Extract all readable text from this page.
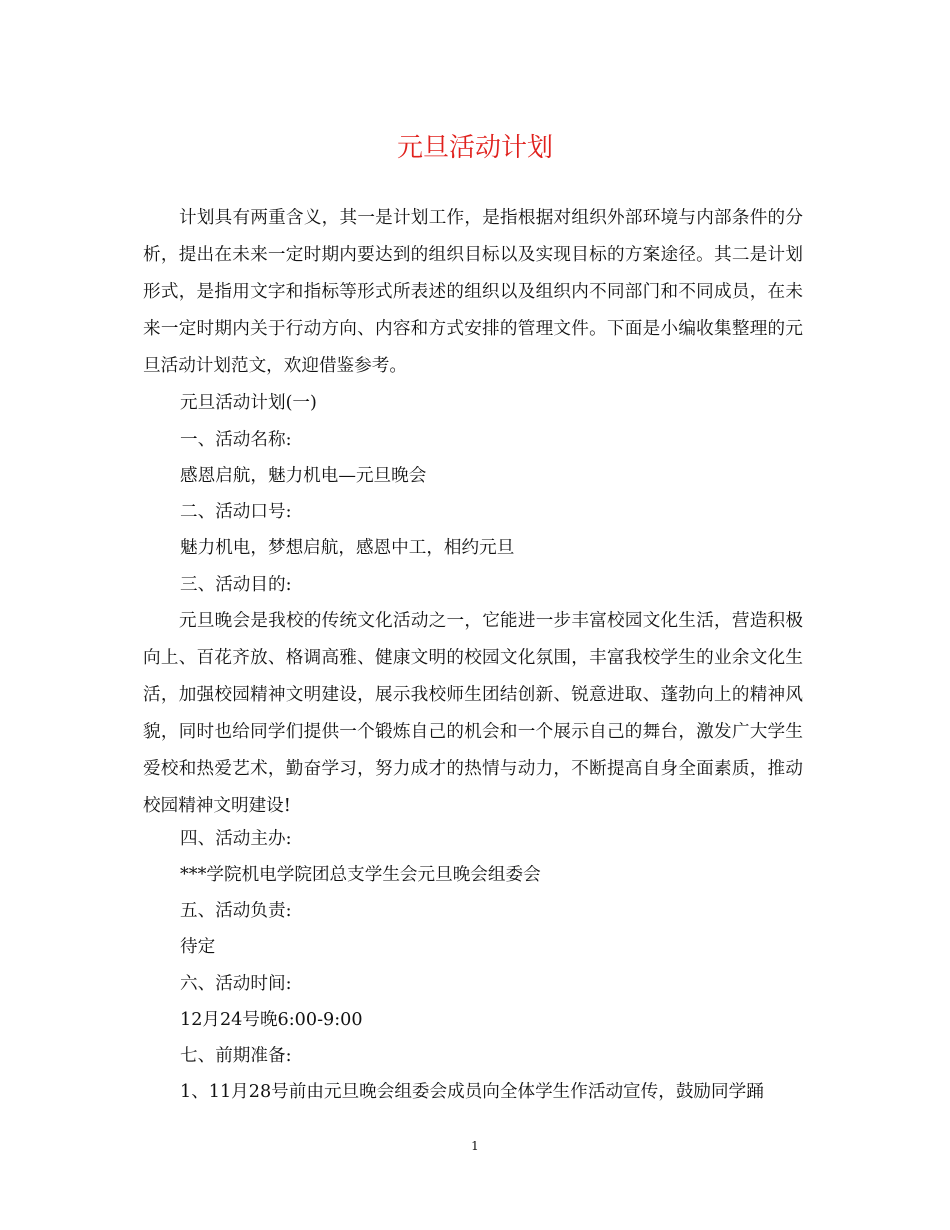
元旦活动计划

计划具有两重含义，其一是计划工作，是指根据对组织外部环境与内部条件的分析，提出在未来一定时期内要达到的组织目标以及实现目标的方案途径。其二是计划形式，是指用文字和指标等形式所表述的组织以及组织内不同部门和不同成员，在未来一定时期内关于行动方向、内容和方式安排的管理文件。下面是小编收集整理的元旦活动计划范文，欢迎借鉴参考。

元旦活动计划(一)

一、活动名称:

感恩启航，魅力机电—元旦晚会

二、活动口号:

魅力机电，梦想启航，感恩中工，相约元旦

三、活动目的:

元旦晚会是我校的传统文化活动之一，它能进一步丰富校园文化生活，营造积极向上、百花齐放、格调高雅、健康文明的校园文化氛围，丰富我校学生的业余文化生活，加强校园精神文明建设，展示我校师生团结创新、锐意进取、蓬勃向上的精神风貌，同时也给同学们提供一个锻炼自己的机会和一个展示自己的舞台，激发广大学生爱校和热爱艺术，勤奋学习，努力成才的热情与动力，不断提高自身全面素质，推动校园精神文明建设!

四、活动主办:

***学院机电学院团总支学生会元旦晚会组委会

五、活动负责:

待定

六、活动时间:

12月24号晚6:00-9:00

七、前期准备:

1、11月28号前由元旦晚会组委会成员向全体学生作活动宣传，鼓励同学踊

1
